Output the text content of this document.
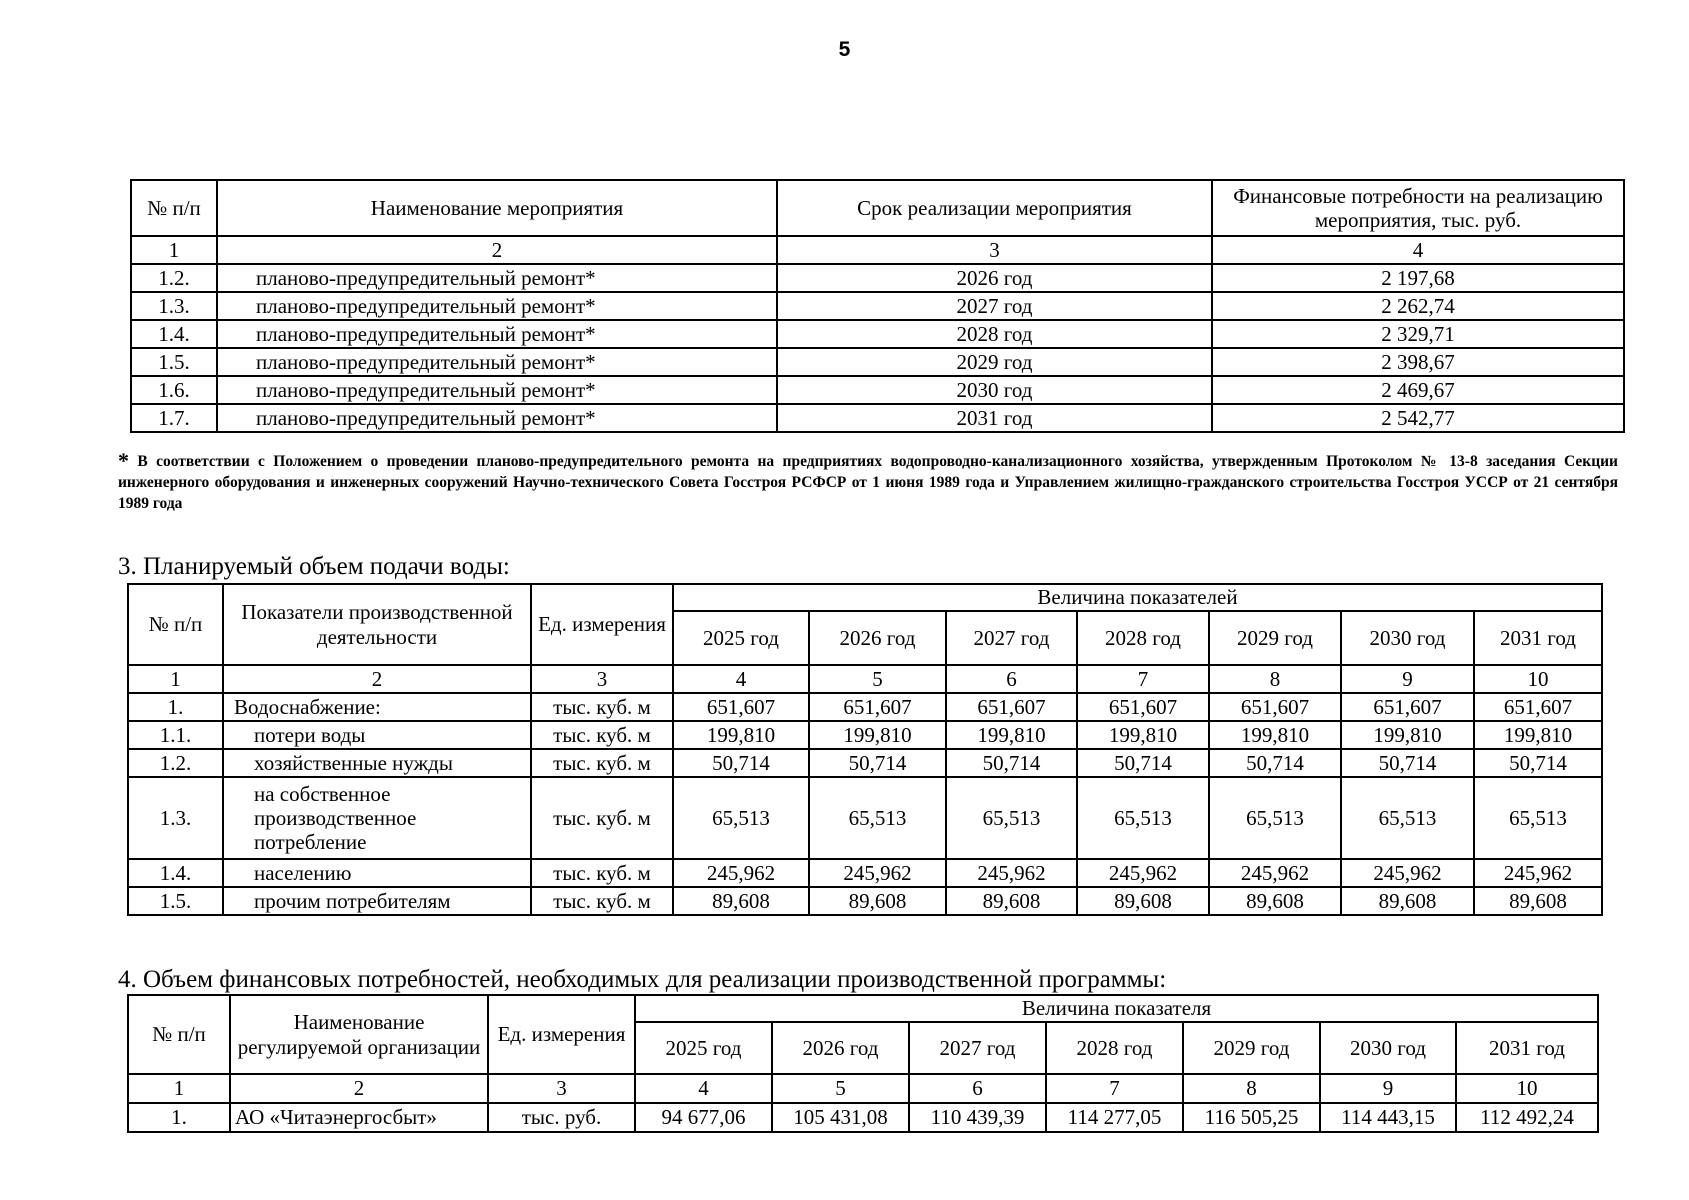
5
№ п/п	Наименование мероприятия	Срок реализации мероприятия	Финансовые потребности на реализацию мероприятия, тыс. руб.
1	2	3	4
1.2.	планово-предупредительный ремонт*	2026 год	2 197,68
1.3.	планово-предупредительный ремонт*	2027 год	2 262,74
1.4.	планово-предупредительный ремонт*	2028 год	2 329,71
1.5.	планово-предупредительный ремонт*	2029 год	2 398,67
1.6.	планово-предупредительный ремонт*	2030 год	2 469,67
1.7.	планово-предупредительный ремонт*	2031 год	2 542,77
* В соответствии с Положением о проведении планово-предупредительного ремонта на предприятиях водопроводно-канализационного хозяйства, утвержденным Протоколом № 13-8 заседания Секции инженерного оборудования и инженерных сооружений Научно-технического Совета Госстроя РСФСР от 1 июня 1989 года и Управлением жилищно-гражданского строительства Госстроя УССР от 21 сентября 1989 года
3. Планируемый объем подачи воды:
№ п/п	Показатели производственной деятельности	Ед. измерения	Величина показателей						
			2025 год	2026 год	2027 год	2028 год	2029 год	2030 год	2031 год
1	2	3	4	5	6	7	8	9	10
1.	Водоснабжение:	тыс. куб. м	651,607	651,607	651,607	651,607	651,607	651,607	651,607
1.1.	потери воды	тыс. куб. м	199,810	199,810	199,810	199,810	199,810	199,810	199,810
1.2.	хозяйственные нужды	тыс. куб. м	50,714	50,714	50,714	50,714	50,714	50,714	50,714
1.3.	на собственное производственное потребление	тыс. куб. м	65,513	65,513	65,513	65,513	65,513	65,513	65,513
1.4.	населению	тыс. куб. м	245,962	245,962	245,962	245,962	245,962	245,962	245,962
1.5.	прочим потребителям	тыс. куб. м	89,608	89,608	89,608	89,608	89,608	89,608	89,608
4. Объем финансовых потребностей, необходимых для реализации производственной программы:
№ п/п	Наименование регулируемой организации	Ед. измерения	Величина показателя						
			2025 год	2026 год	2027 год	2028 год	2029 год	2030 год	2031 год
1	2	3	4	5	6	7	8	9	10
1.	АО «Читаэнергосбыт»	тыс. руб.	94 677,06	105 431,08	110 439,39	114 277,05	116 505,25	114 443,15	112 492,24
